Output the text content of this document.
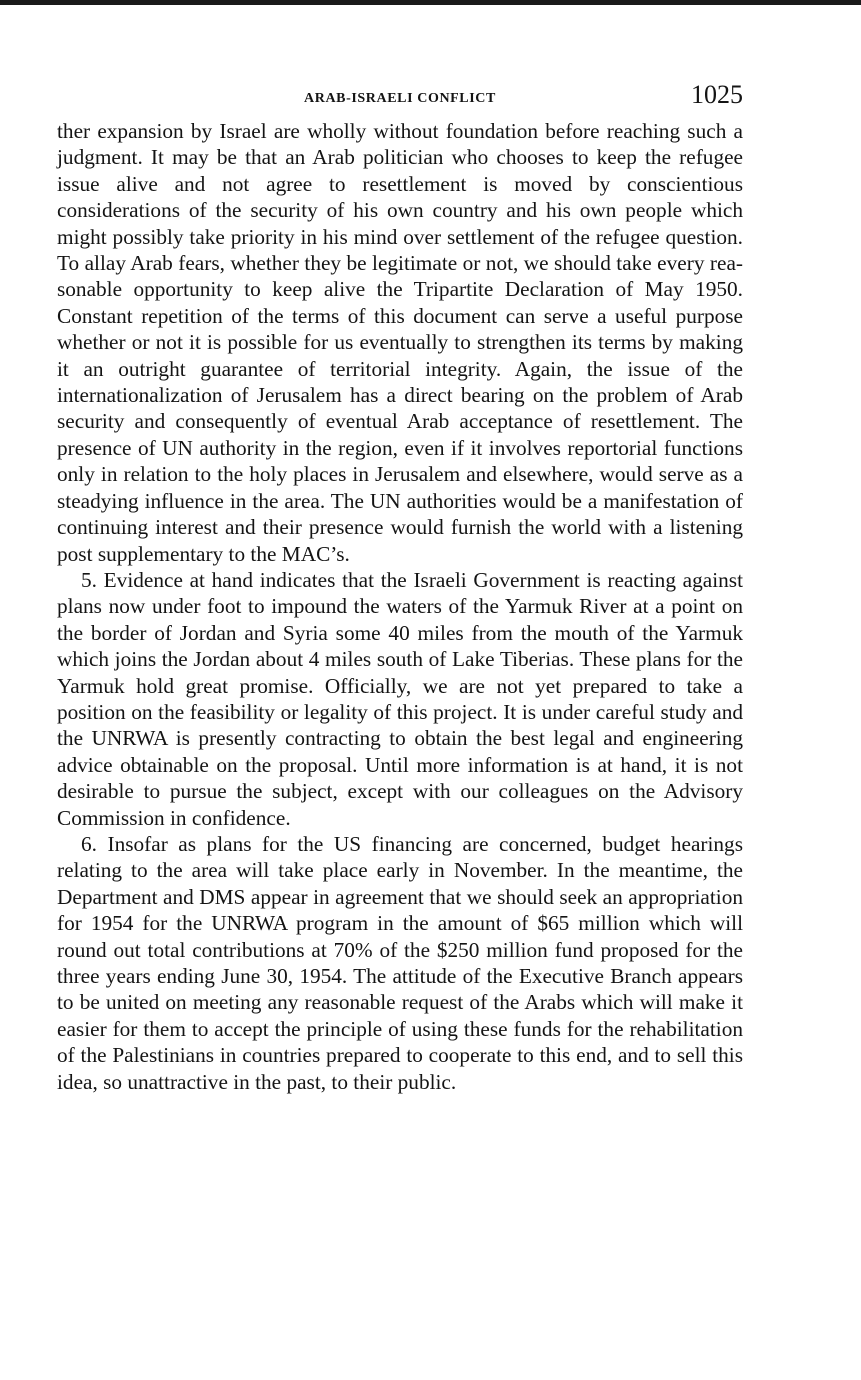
ARAB-ISRAELI CONFLICT	1025

ther expansion by Israel are wholly without foundation before reaching such a judgment. It may be that an Arab politician who chooses to keep the refugee issue alive and not agree to resettlement is moved by conscientious considerations of the security of his own country and his own people which might possibly take priority in his mind over settlement of the refugee question. To allay Arab fears, whether they be legitimate or not, we should take every reasonable opportunity to keep alive the Tripartite Declaration of May 1950. Constant repetition of the terms of this document can serve a useful purpose whether or not it is possible for us eventually to strengthen its terms by making it an outright guarantee of territorial integrity. Again, the issue of the internationalization of Jerusalem has a direct bearing on the problem of Arab security and consequently of eventual Arab acceptance of resettlement. The presence of UN authority in the region, even if it involves reportorial functions only in relation to the holy places in Jerusalem and elsewhere, would serve as a steadying influence in the area. The UN authorities would be a manifestation of continuing interest and their presence would furnish the world with a listening post supplementary to the MAC’s.

5. Evidence at hand indicates that the Israeli Government is reacting against plans now under foot to impound the waters of the Yarmuk River at a point on the border of Jordan and Syria some 40 miles from the mouth of the Yarmuk which joins the Jordan about 4 miles south of Lake Tiberias. These plans for the Yarmuk hold great promise. Officially, we are not yet prepared to take a position on the feasibility or legality of this project. It is under careful study and the UNRWA is presently contracting to obtain the best legal and engineering advice obtainable on the proposal. Until more information is at hand, it is not desirable to pursue the subject, except with our colleagues on the Advisory Commission in confidence.

6. Insofar as plans for the US financing are concerned, budget hearings relating to the area will take place early in November. In the meantime, the Department and DMS appear in agreement that we should seek an appropriation for 1954 for the UNRWA program in the amount of $65 million which will round out total contributions at 70% of the $250 million fund proposed for the three years ending June 30, 1954. The attitude of the Executive Branch appears to be united on meeting any reasonable request of the Arabs which will make it easier for them to accept the principle of using these funds for the rehabilitation of the Palestinians in countries prepared to cooperate to this end, and to sell this idea, so unattractive in the past, to their public.
